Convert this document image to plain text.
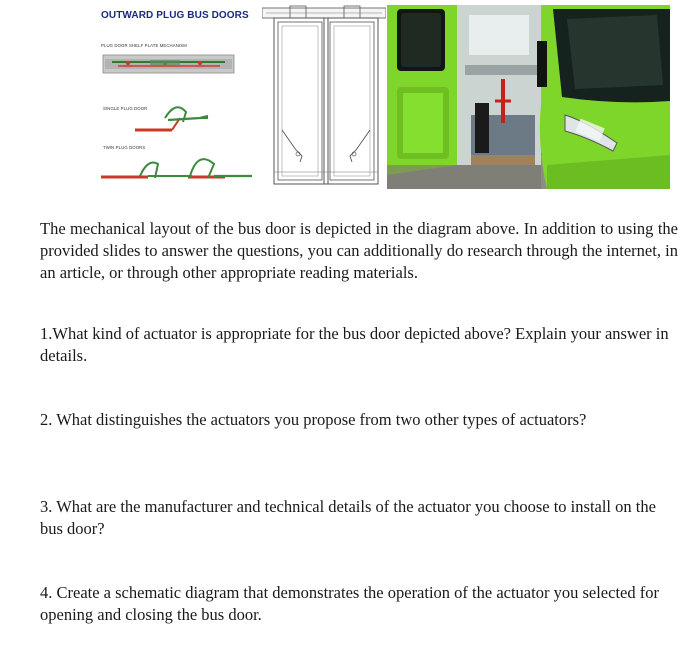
OUTWARD PLUG BUS DOORS
PLUG DOOR SHELF PLATE MECHANISM
SINGLE PLUG DOOR
TWIN PLUG DOORS

The mechanical layout of the bus door is depicted in the diagram above. In addition to using the provided slides to answer the questions, you can additionally do research through the internet, in an article, or through other appropriate reading materials.

1.What kind of actuator is appropriate for the bus door depicted above? Explain your answer in details.

2. What distinguishes the actuators you propose from two other types of actuators?

3. What are the manufacturer and technical details of the actuator you choose to install on the bus door?

4. Create a schematic diagram that demonstrates the operation of the actuator you selected for opening and closing the bus door.
